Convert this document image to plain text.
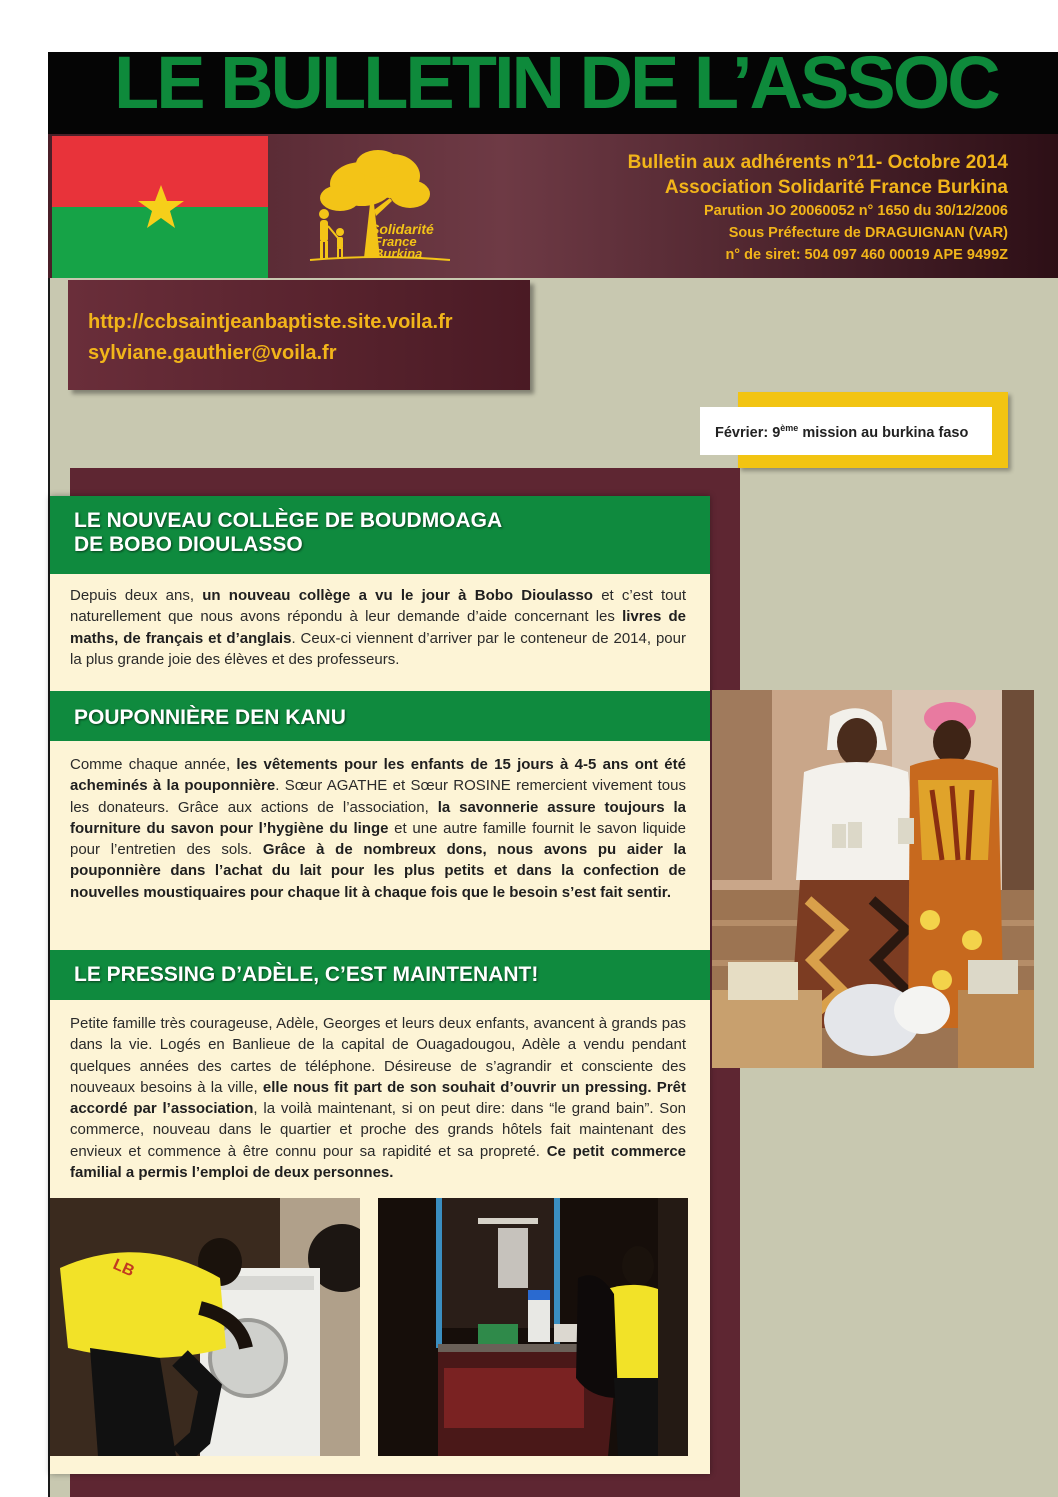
LE BULLETIN DE L’ASSOC
Solidarité
France
Burkina
Bulletin aux adhérents n°11- Octobre 2014
Association Solidarité France Burkina
Parution JO 20060052 n° 1650 du 30/12/2006
Sous Préfecture de DRAGUIGNAN (VAR)
n° de siret: 504 097 460 00019 APE 9499Z
http://ccbsaintjeanbaptiste.site.voila.fr
sylviane.gauthier@voila.fr
Février: 9ème mission au burkina faso
LE NOUVEAU COLLÈGE DE BOUDMOAGA
DE BOBO DIOULASSO

Depuis deux ans, un nouveau collège a vu le jour à Bobo Dioulasso et c’est tout naturellement que nous avons répondu à leur demande d’aide concernant les livres de maths, de français et d’anglais. Ceux-ci viennent d’arriver par le conteneur de 2014, pour la plus grande joie des élèves et des professeurs.

POUPONNIÈRE DEN KANU

Comme chaque année, les vêtements pour les enfants de 15 jours à 4-5 ans ont été acheminés à la pouponnière. Sœur AGATHE et Sœur ROSINE remercient vivement tous les donateurs. Grâce aux actions de l’association, la savonnerie assure toujours la fourniture du savon pour l’hygiène du linge et une autre famille fournit le savon liquide pour l’entretien des sols. Grâce à de nombreux dons, nous avons pu aider la pouponnière dans l’achat du lait pour les plus petits et dans la confection de nouvelles moustiquaires pour chaque lit à chaque fois que le besoin s’est fait sentir.

LE PRESSING D’ADÈLE, C’EST MAINTENANT!

Petite famille très courageuse, Adèle, Georges et leurs deux enfants, avancent à grands pas dans la vie. Logés en Banlieue de la capital de Ouagadougou, Adèle a vendu pendant quelques années des cartes de téléphone. Désireuse de s’agrandir et consciente des nouveaux besoins à la ville, elle nous fit part de son souhait d’ouvrir un pressing. Prêt accordé par l’association, la voilà maintenant, si on peut dire: dans “le grand bain”. Son commerce, nouveau dans le quartier et proche des grands hôtels fait maintenant des envieux et commence à être connu pour sa rapidité et sa propreté. Ce petit commerce familial a permis l’emploi de deux personnes.

LB
